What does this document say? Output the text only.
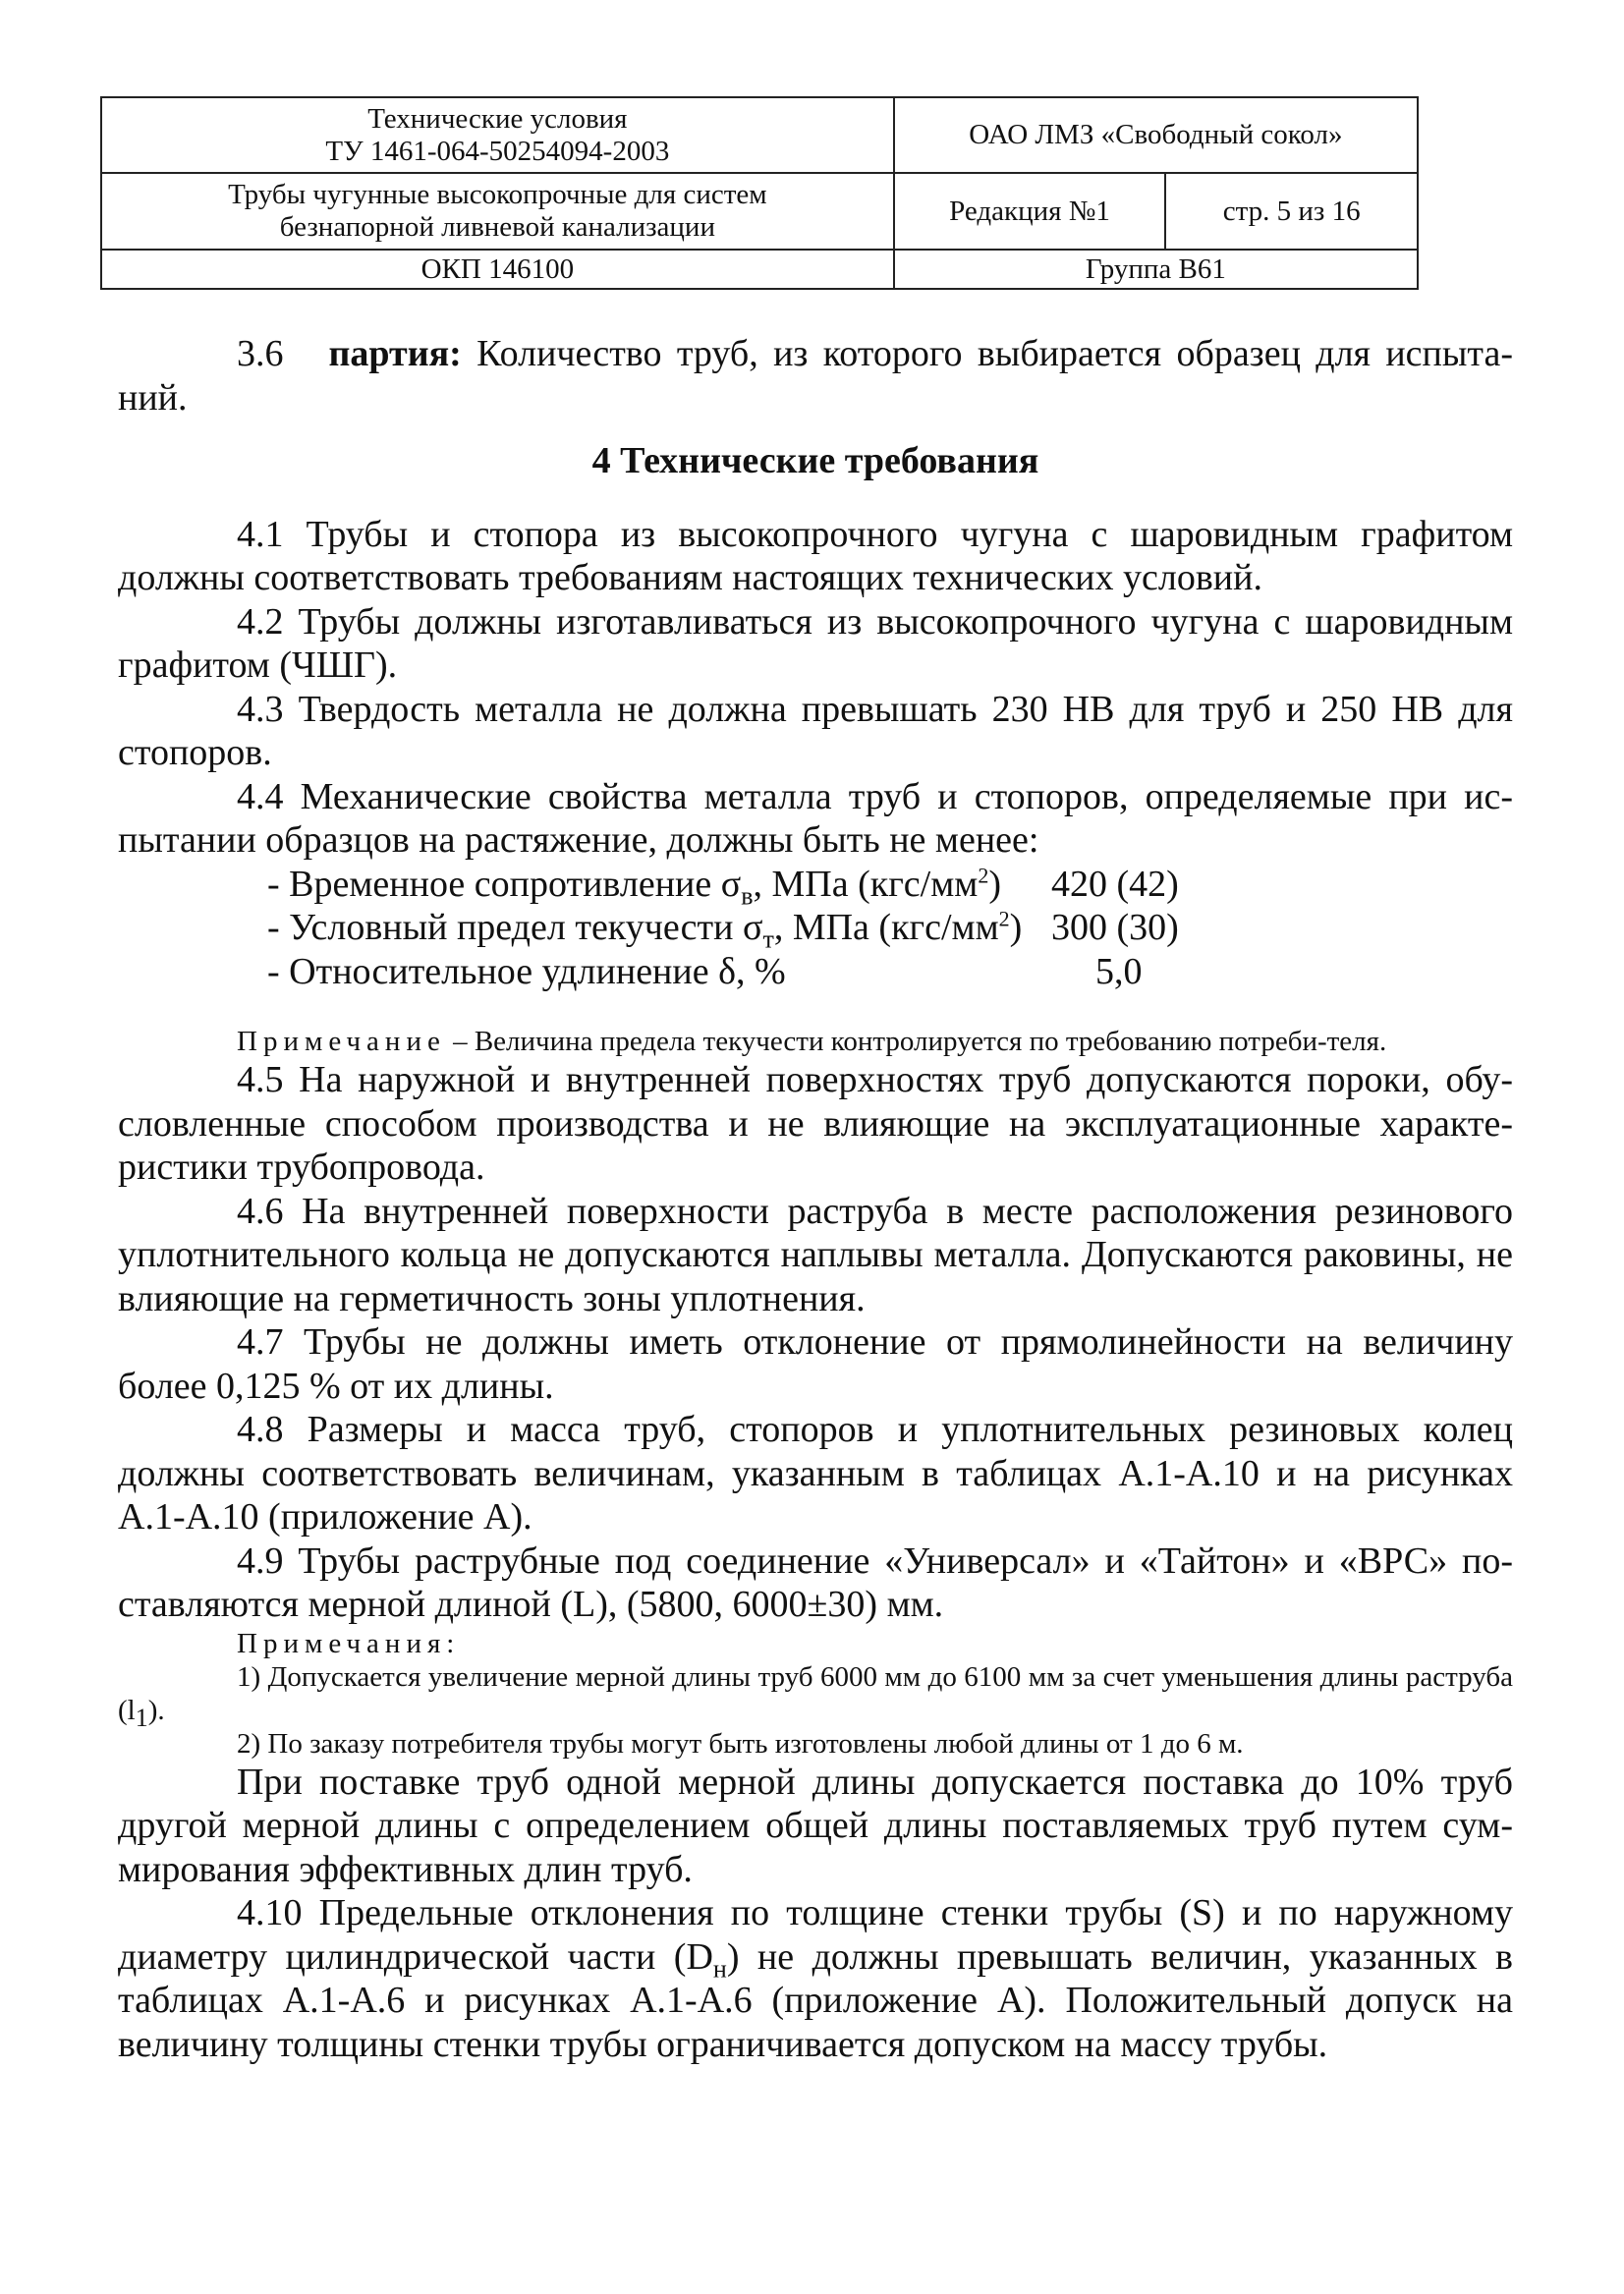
Технические условия
ТУ 1461-064-50254094-2003	ОАО ЛМЗ «Свободный сокол»	

Трубы чугунные высокопрочные для систем
безнапорной ливневой канализации	Редакция №1	стр. 5 из 16
ОКП 146100	Группа В61	

3.6 партия: Количество труб, из которого выбирается образец для испыта-ний.

4 Технические требования

4.1 Трубы и стопора из высокопрочного чугуна с шаровидным графитом должны соответствовать требованиям настоящих технических условий.

4.2 Трубы должны изготавливаться из высокопрочного чугуна с шаровидным графитом (ЧШГ).

4.3 Твердость металла не должна превышать 230 НВ для труб и 250 НВ для стопоров.

4.4 Механические свойства металла труб и стопоров, определяемые при ис-пытании образцов на растяжение, должны быть не менее:

- Временное сопротивление $\sigma_в$, МПа $(кгс/мм^2)$	420 (42)
- Условный предел текучести $\sigma_т$, МПа $(кгс/мм^2)$ 300 (30)
- Относительное удлинение δ, %	5,0

Примечание – Величина предела текучести контролируется по требованию потреби-теля.

4.5 На наружной и внутренней поверхностях труб допускаются пороки, обу-словленные способом производства и не влияющие на эксплуатационные характе-ристики трубопровода.

4.6 На внутренней поверхности раструба в месте расположения резинового уплотнительного кольца не допускаются наплывы металла. Допускаются раковины, не влияющие на герметичность зоны уплотнения.

4.7 Трубы не должны иметь отклонение от прямолинейности на величину более 0,125 % от их длины.

4.8 Размеры и масса труб, стопоров и уплотнительных резиновых колец должны соответствовать величинам, указанным в таблицах А.1-А.10 и на рисунках А.1-А.10 (приложение А).

4.9 Трубы раструбные под соединение «Универсал» и «Тайтон» и «ВРС» по-ставляются мерной длиной (L), (5800, 6000±30) мм.

Примечания:

1) Допускается увеличение мерной длины труб 6000 мм до 6100 мм за счет уменьшения длины раструба $(l_1)$.

2) По заказу потребителя трубы могут быть изготовлены любой длины от 1 до 6 м.

При поставке труб одной мерной длины допускается поставка до 10% труб другой мерной длины с определением общей длины поставляемых труб путем сум-мирования эффективных длин труб.

4.10 Предельные отклонения по толщине стенки трубы (S) и по наружному диаметру цилиндрической части $(D_н)$ не должны превышать величин, указанных в таблицах А.1-А.6 и рисунках А.1-А.6 (приложение А). Положительный допуск на величину толщины стенки трубы ограничивается допуском на массу трубы.
